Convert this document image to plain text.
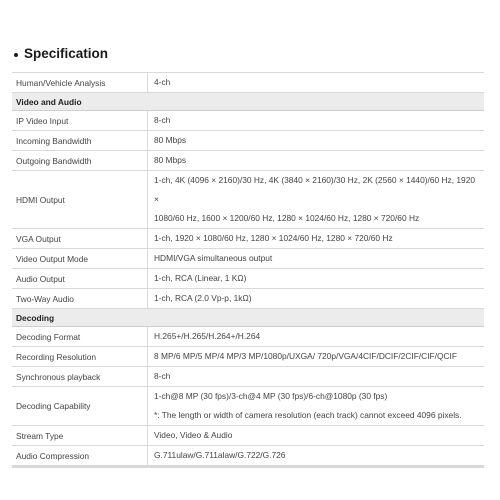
Specification
Human/Vehicle Analysis	4-ch
Video and Audio	
IP Video Input	8-ch
Incoming Bandwidth	80 Mbps
Outgoing Bandwidth	80 Mbps
HDMI Output	1-ch, 4K (4096 × 2160)/30 Hz, 4K (3840 × 2160)/30 Hz, 2K (2560 × 1440)/60 Hz, 1920 ×
1080/60 Hz, 1600 × 1200/60 Hz, 1280 × 1024/60 Hz, 1280 × 720/60 Hz

VGA Output	1-ch, 1920 × 1080/60 Hz, 1280 × 1024/60 Hz, 1280 × 720/60 Hz
Video Output Mode	HDMI/VGA simultaneous output
Audio Output	1-ch, RCA (Linear, 1 KΩ)
Two-Way Audio	1-ch, RCA (2.0 Vp-p, 1kΩ)
Decoding	
Decoding Format	H.265+/H.265/H.264+/H.264
Recording Resolution	8 MP/6 MP/5 MP/4 MP/3 MP/1080p/UXGA/ 720p/VGA/4CIF/DCIF/2CIF/CIF/QCIF
Synchronous playback	8-ch
Decoding Capability	1-ch@8 MP (30 fps)/3-ch@4 MP (30 fps)/6-ch@1080p (30 fps)
*: The length or width of camera resolution (each track) cannot exceed 4096 pixels.

Stream Type	Video, Video & Audio
Audio Compression	G.711ulaw/G.711alaw/G.722/G.726
